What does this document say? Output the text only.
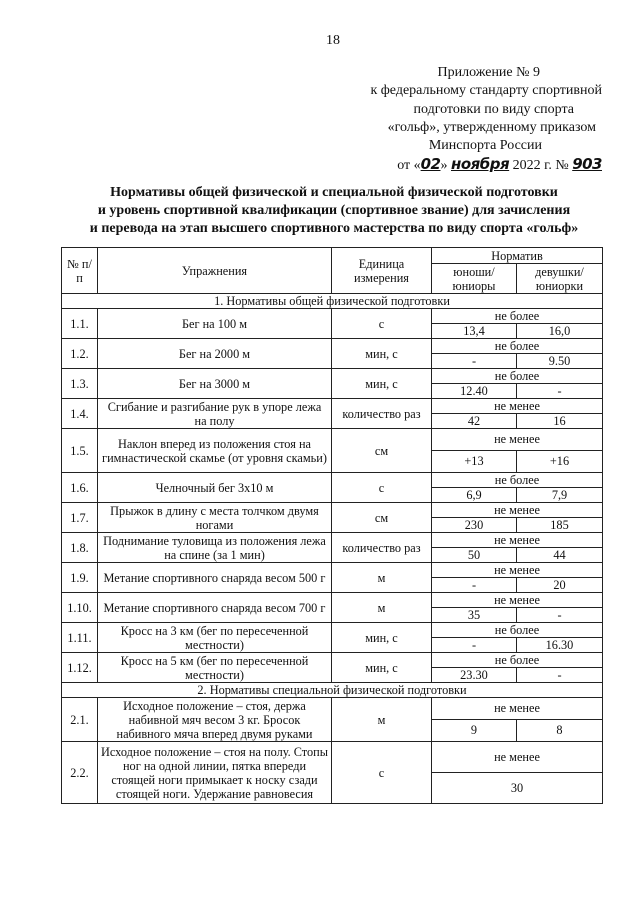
18
Приложение № 9
к федеральному стандарту спортивной
подготовки по виду спорта
«гольф», утвержденному приказом
Минспорта России
от «02» ноября 2022 г. № 903
Нормативы общей физической и специальной физической подготовки
и уровень спортивной квалификации (спортивное звание) для зачисления
и перевода на этап высшего спортивного мастерства по виду спорта «гольф»
№ п/п	Упражнения	Единица измерения	Норматив	
			юноши/ юниоры	девушки/ юниорки
1. Нормативы общей физической подготовки				
1.1.	Бег на 100 м	с	не более	
			13,4	16,0
1.2.	Бег на 2000 м	мин, с	не более	
			-	9.50
1.3.	Бег на 3000 м	мин, с	не более	
			12.40	-
1.4.	Сгибание и разгибание рук в упоре лежа на полу	количество раз	не менее	
			42	16
1.5.	Наклон вперед из положения стоя на гимнастической скамье (от уровня скамьи)	см	не менее	
			+13	+16
1.6.	Челночный бег 3х10 м	с	не более	
			6,9	7,9
1.7.	Прыжок в длину с места толчком двумя ногами	см	не менее	
			230	185
1.8.	Поднимание туловища из положения лежа на спине (за 1 мин)	количество раз	не менее	
			50	44
1.9.	Метание спортивного снаряда весом 500 г	м	не менее	
			-	20
1.10.	Метание спортивного снаряда весом 700 г	м	не менее	
			35	-
1.11.	Кросс на 3 км (бег по пересеченной местности)	мин, с	не более	
			-	16.30
1.12.	Кросс на 5 км (бег по пересеченной местности)	мин, с	не более	
			23.30	-
2. Нормативы специальной физической подготовки				
2.1.	Исходное положение – стоя, держа набивной мяч весом 3 кг. Бросок набивного мяча вперед двумя руками	м	не менее	
			9	8
2.2.	Исходное положение – стоя на полу. Стопы ног на одной линии, пятка впереди стоящей ноги примыкает к носку сзади стоящей ноги. Удержание равновесия	с	не менее	
			30	
